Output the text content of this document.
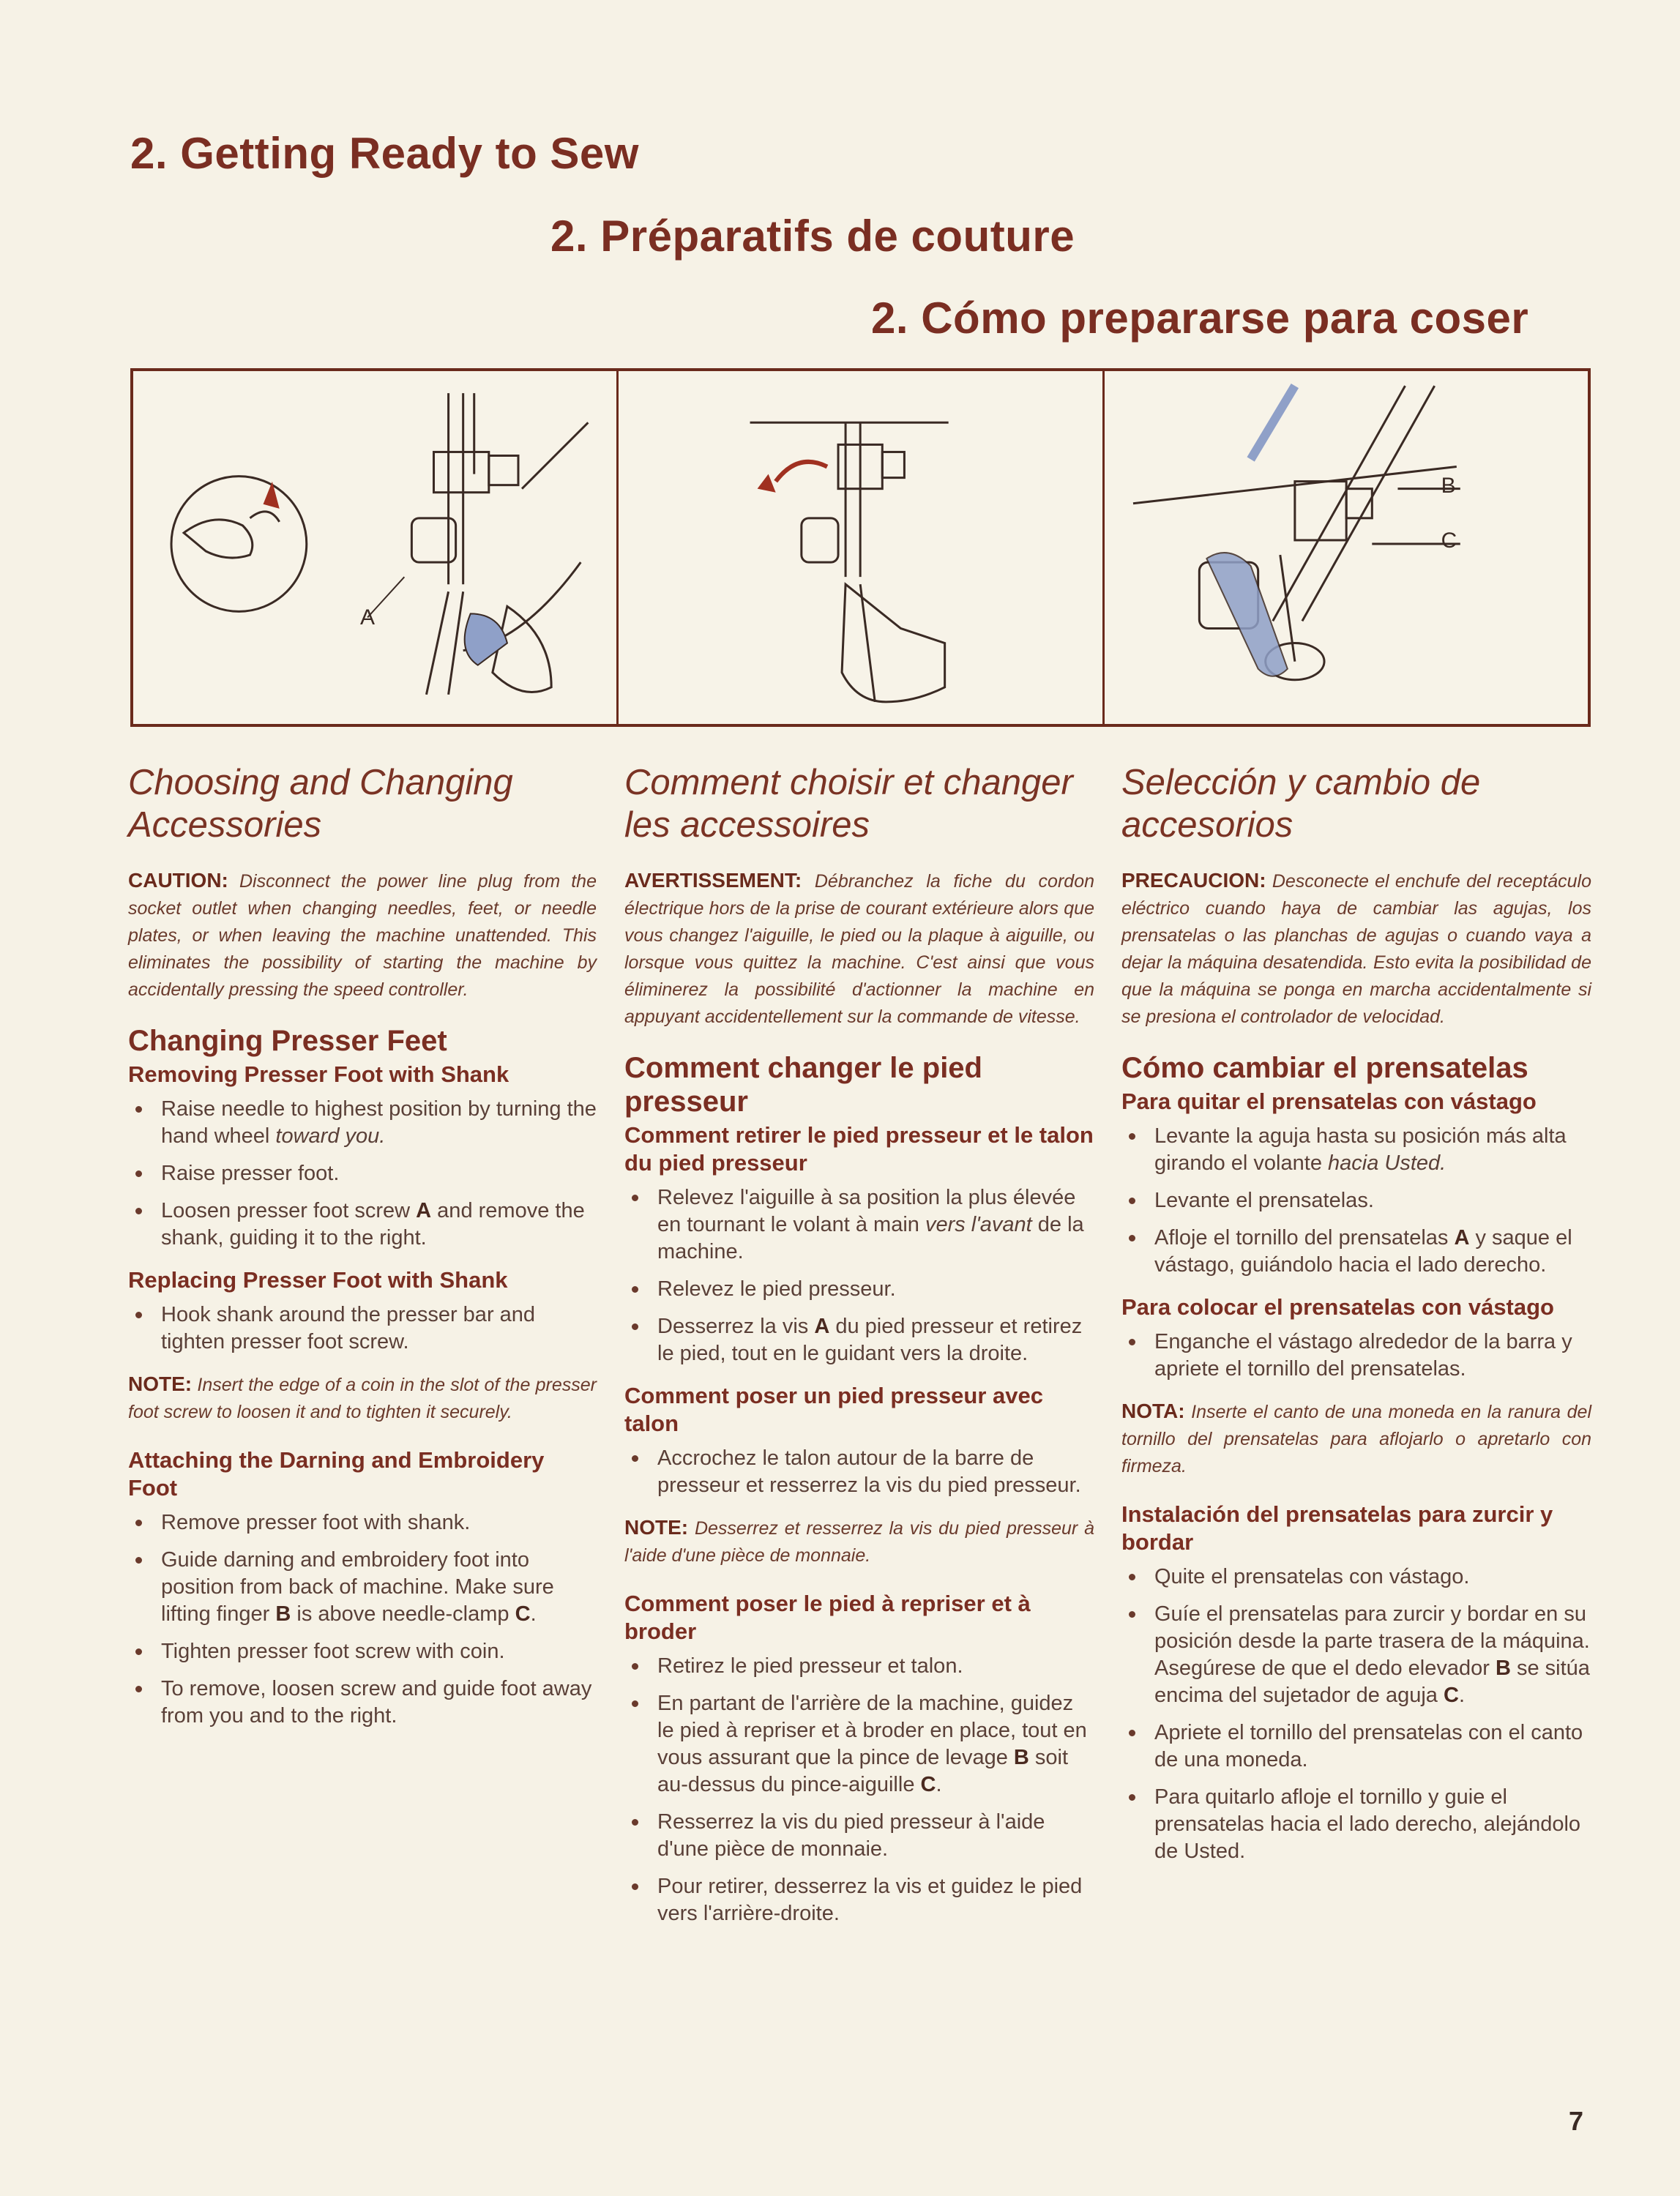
2. Getting Ready to Sew
2. Préparatifs de couture
2. Cómo prepararse para coser
A
B
C
Choosing and Changing Accessories

CAUTION: Disconnect the power line plug from the socket outlet when changing needles, feet, or needle plates, or when leaving the machine unattended. This eliminates the possibility of starting the machine by accidentally pressing the speed controller.

Changing Presser Feet
Removing Presser Foot with Shank
Raise needle to highest position by turning the hand wheel toward you.
Raise presser foot.
Loosen presser foot screw A and remove the shank, guiding it to the right.
Replacing Presser Foot with Shank
Hook shank around the presser bar and tighten presser foot screw.

NOTE: Insert the edge of a coin in the slot of the presser foot screw to loosen it and to tighten it securely.

Attaching the Darning and Embroidery Foot
Remove presser foot with shank.
Guide darning and embroidery foot into position from back of machine. Make sure lifting finger B is above needle-clamp C.
Tighten presser foot screw with coin.
To remove, loosen screw and guide foot away from you and to the right.
Comment choisir et changer les accessoires

AVERTISSEMENT: Débranchez la fiche du cordon électrique hors de la prise de courant extérieure alors que vous changez l'aiguille, le pied ou la plaque à aiguille, ou lorsque vous quittez la machine. C'est ainsi que vous éliminerez la possibilité d'actionner la machine en appuyant accidentellement sur la commande de vitesse.

Comment changer le pied presseur
Comment retirer le pied presseur et le talon du pied presseur
Relevez l'aiguille à sa position la plus élevée en tournant le volant à main vers l'avant de la machine.
Relevez le pied presseur.
Desserrez la vis A du pied presseur et retirez le pied, tout en le guidant vers la droite.
Comment poser un pied presseur avec talon
Accrochez le talon autour de la barre de presseur et resserrez la vis du pied presseur.

NOTE: Desserrez et resserrez la vis du pied presseur à l'aide d'une pièce de monnaie.

Comment poser le pied à repriser et à broder
Retirez le pied presseur et talon.
En partant de l'arrière de la machine, guidez le pied à repriser et à broder en place, tout en vous assurant que la pince de levage B soit au-dessus du pince-aiguille C.
Resserrez la vis du pied presseur à l'aide d'une pièce de monnaie.
Pour retirer, desserrez la vis et guidez le pied vers l'arrière-droite.
Selección y cambio de accesorios

PRECAUCION: Desconecte el enchufe del receptáculo eléctrico cuando haya de cambiar las agujas, los prensatelas o las planchas de agujas o cuando vaya a dejar la máquina desatendida. Esto evita la posibilidad de que la máquina se ponga en marcha accidentalmente si se presiona el controlador de velocidad.

Cómo cambiar el prensatelas
Para quitar el prensatelas con vástago
Levante la aguja hasta su posición más alta girando el volante hacia Usted.
Levante el prensatelas.
Afloje el tornillo del prensatelas A y saque el vástago, guiándolo hacia el lado derecho.
Para colocar el prensatelas con vástago
Enganche el vástago alrededor de la barra y apriete el tornillo del prensatelas.

NOTA: Inserte el canto de una moneda en la ranura del tornillo del prensatelas para aflojarlo o apretarlo con firmeza.

Instalación del prensatelas para zurcir y bordar
Quite el prensatelas con vástago.
Guíe el prensatelas para zurcir y bordar en su posición desde la parte trasera de la máquina. Asegúrese de que el dedo elevador B se sitúa encima del sujetador de aguja C.
Apriete el tornillo del prensatelas con el canto de una moneda.
Para quitarlo afloje el tornillo y guie el prensatelas hacia el lado derecho, alejándolo de Usted.
7
